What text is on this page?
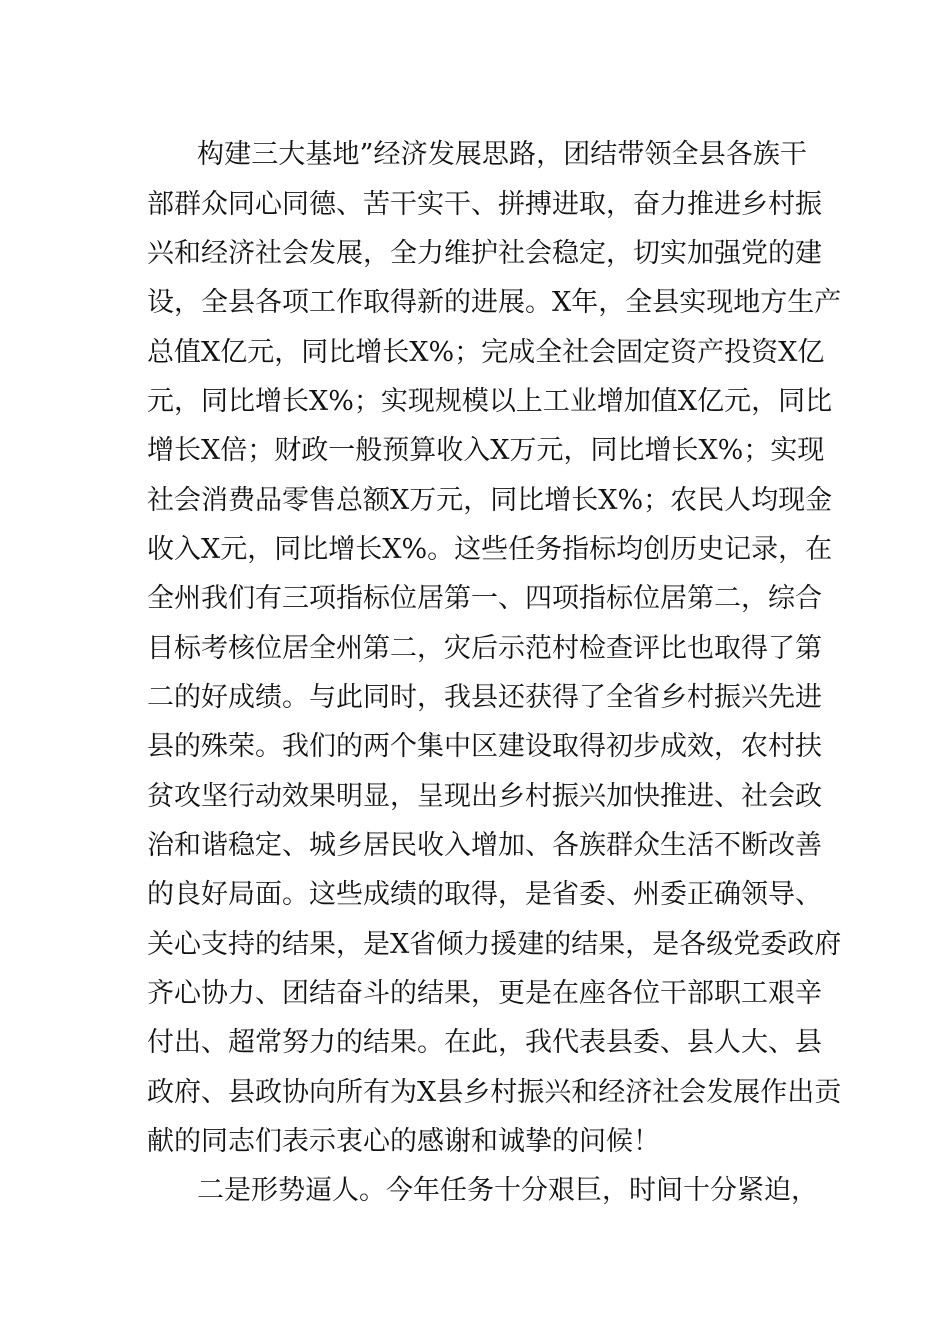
构建三大基地”经济发展思路，团结带领全县各族干
部群众同心同德、苦干实干、拼搏进取，奋力推进乡村振
兴和经济社会发展，全力维护社会稳定，切实加强党的建
设，全县各项工作取得新的进展。X年，全县实现地方生产
总值X亿元，同比增长X%；完成全社会固定资产投资X亿
元，同比增长X%；实现规模以上工业增加值X亿元，同比
增长X倍；财政一般预算收入X万元，同比增长X%；实现
社会消费品零售总额X万元，同比增长X%；农民人均现金
收入X元，同比增长X%。这些任务指标均创历史记录，在
全州我们有三项指标位居第一、四项指标位居第二，综合
目标考核位居全州第二，灾后示范村检查评比也取得了第
二的好成绩。与此同时，我县还获得了全省乡村振兴先进
县的殊荣。我们的两个集中区建设取得初步成效，农村扶
贫攻坚行动效果明显，呈现出乡村振兴加快推进、社会政
治和谐稳定、城乡居民收入增加、各族群众生活不断改善
的良好局面。这些成绩的取得，是省委、州委正确领导、
关心支持的结果，是X省倾力援建的结果，是各级党委政府
齐心协力、团结奋斗的结果，更是在座各位干部职工艰辛
付出、超常努力的结果。在此，我代表县委、县人大、县
政府、县政协向所有为X县乡村振兴和经济社会发展作出贡
献的同志们表示衷心的感谢和诚挚的问候！
二是形势逼人。今年任务十分艰巨，时间十分紧迫，
